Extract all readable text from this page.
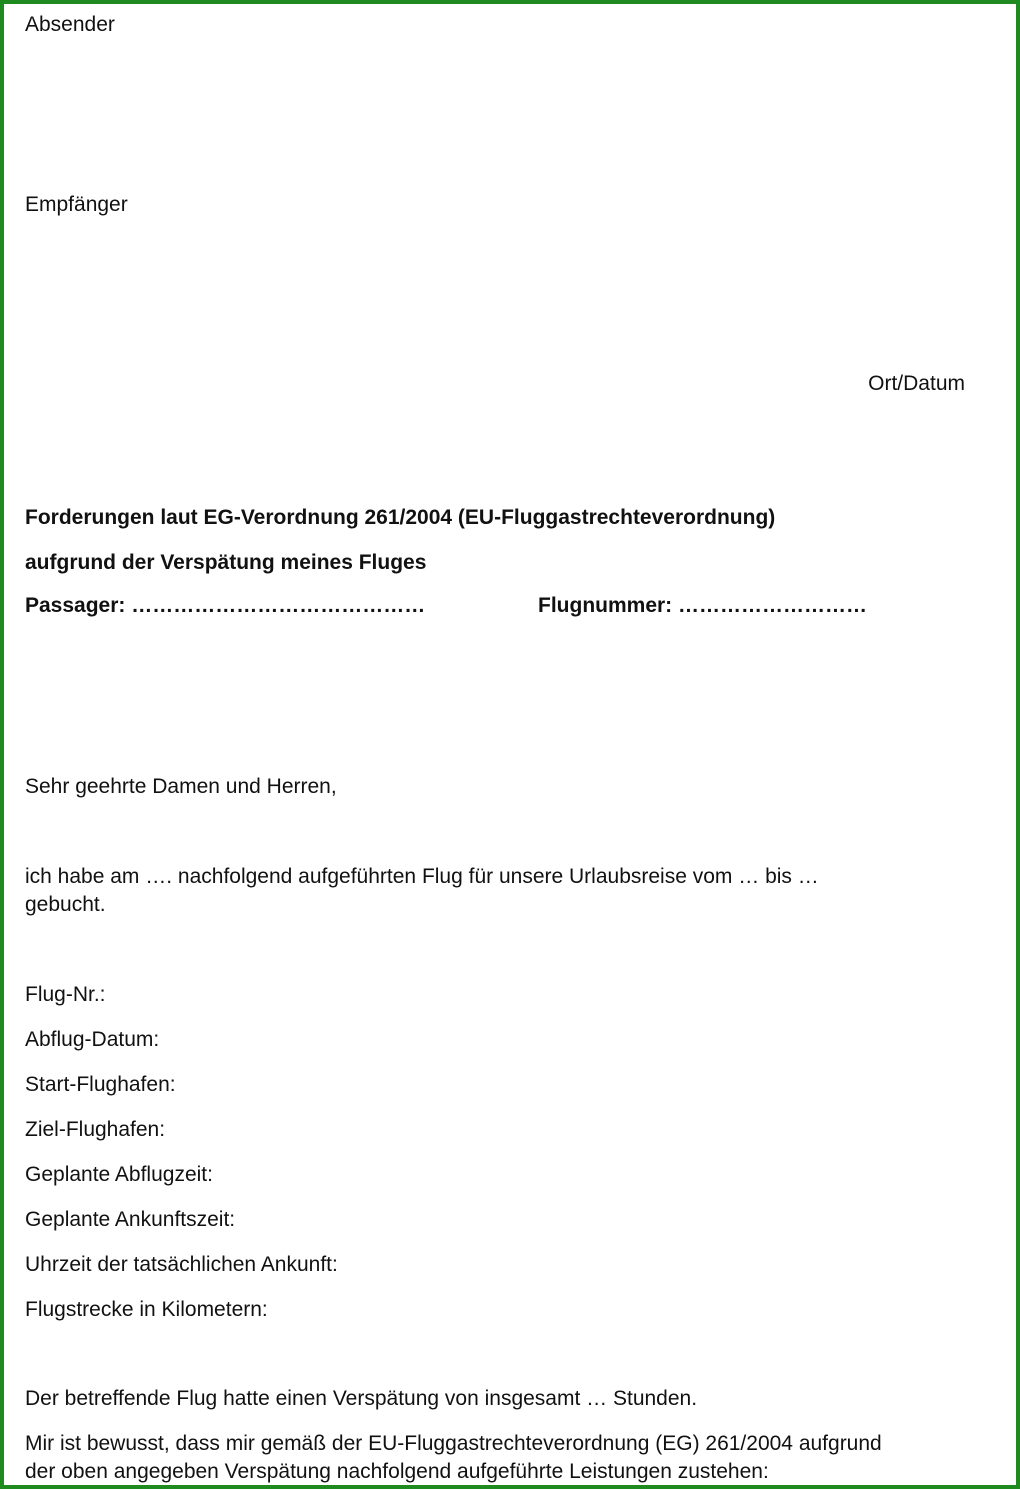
Absender

Empfänger

Ort/Datum

Forderungen laut EG-Verordnung 261/2004 (EU-Fluggastrechteverordnung)

aufgrund der Verspätung meines Fluges

Passager: ……………………………………	Flugnummer: ………………………

Sehr geehrte Damen und Herren,

ich habe am …. nachfolgend aufgeführten Flug für unsere Urlaubsreise vom … bis …
gebucht.

Flug-Nr.:
Abflug-Datum:
Start-Flughafen:
Ziel-Flughafen:
Geplante Abflugzeit:
Geplante Ankunftszeit:
Uhrzeit der tatsächlichen Ankunft:
Flugstrecke in Kilometern:

Der betreffende Flug hatte einen Verspätung von insgesamt … Stunden.

Mir ist bewusst, dass mir gemäß der EU-Fluggastrechteverordnung (EG) 261/2004 aufgrund
der oben angegeben Verspätung nachfolgend aufgeführte Leistungen zustehen:
